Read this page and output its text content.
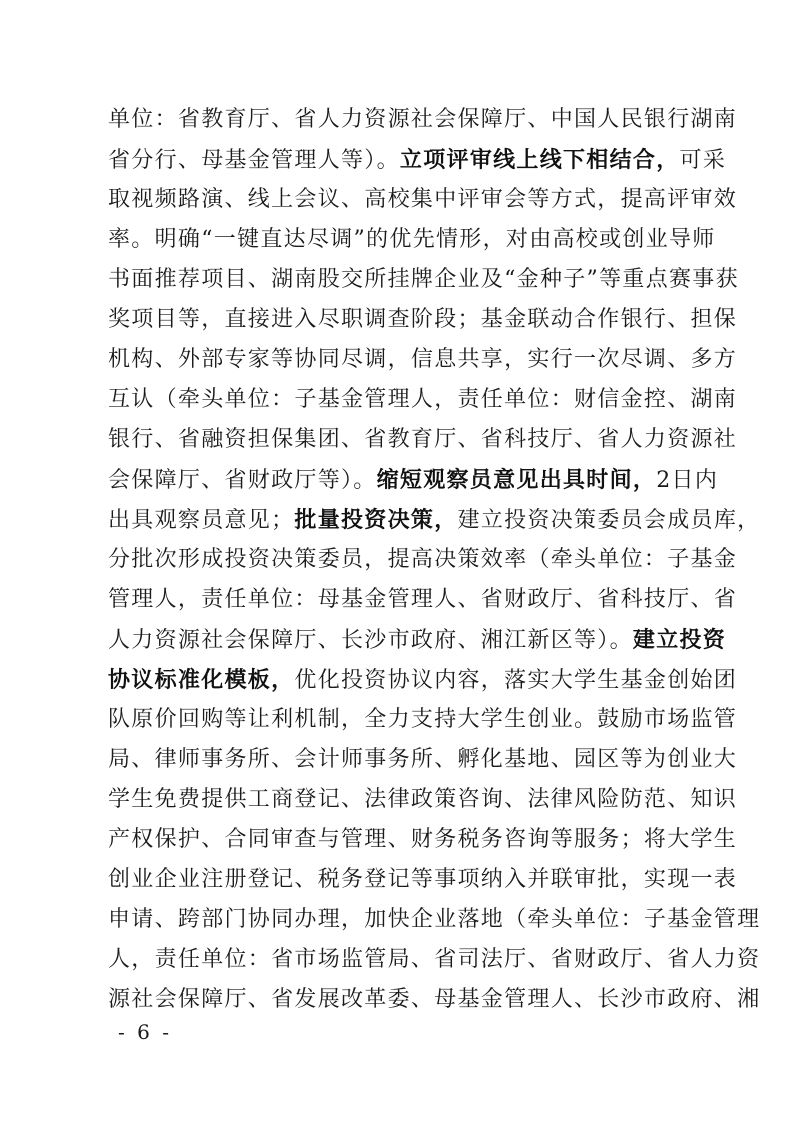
单位：省教育厅、省人力资源社会保障厅、中国人民银行湖南
省分行、母基金管理人等）。立项评审线上线下相结合，可采
取视频路演、线上会议、高校集中评审会等方式，提高评审效
率。明确“一键直达尽调”的优先情形，对由高校或创业导师
书面推荐项目、湖南股交所挂牌企业及“金种子”等重点赛事获
奖项目等，直接进入尽职调查阶段；基金联动合作银行、担保
机构、外部专家等协同尽调，信息共享，实行一次尽调、多方
互认（牵头单位：子基金管理人，责任单位：财信金控、湖南
银行、省融资担保集团、省教育厅、省科技厅、省人力资源社
会保障厅、省财政厅等）。缩短观察员意见出具时间，2日内
出具观察员意见；批量投资决策，建立投资决策委员会成员库，
分批次形成投资决策委员，提高决策效率（牵头单位：子基金
管理人，责任单位：母基金管理人、省财政厅、省科技厅、省
人力资源社会保障厅、长沙市政府、湘江新区等）。建立投资
协议标准化模板，优化投资协议内容，落实大学生基金创始团
队原价回购等让利机制，全力支持大学生创业。鼓励市场监管
局、律师事务所、会计师事务所、孵化基地、园区等为创业大
学生免费提供工商登记、法律政策咨询、法律风险防范、知识
产权保护、合同审查与管理、财务税务咨询等服务；将大学生
创业企业注册登记、税务登记等事项纳入并联审批，实现一表
申请、跨部门协同办理，加快企业落地（牵头单位：子基金管理
人，责任单位：省市场监管局、省司法厅、省财政厅、省人力资
源社会保障厅、省发展改革委、母基金管理人、长沙市政府、湘
- 6 -
